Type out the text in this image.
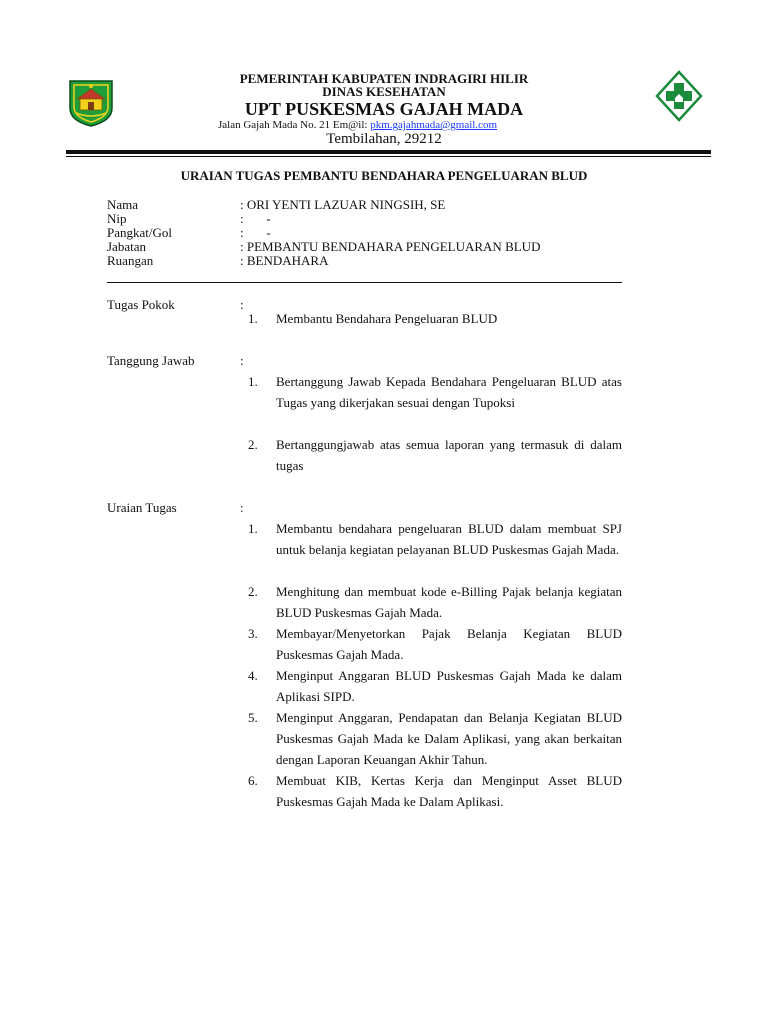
PEMERINTAH KABUPATEN INDRAGIRI HILIR
DINAS KESEHATAN
UPT PUSKESMAS GAJAH MADA
Jalan Gajah Mada No. 21 Em@il: pkm.gajahmada@gmail.com
Tembilahan, 29212
URAIAN TUGAS PEMBANTU BENDAHARA PENGELUARAN BLUD
Nama	: ORI YENTI LAZUAR NINGSIH, SE
Nip	:       -
Pangkat/Gol	:       -
Jabatan	: PEMBANTU BENDAHARA PENGELUARAN BLUD
Ruangan	: BENDAHARA
Tugas Pokok	:
1. Membantu Bendahara Pengeluaran BLUD
Tanggung Jawab	:
1. Bertanggung Jawab Kepada Bendahara Pengeluaran BLUD atas Tugas yang dikerjakan sesuai dengan Tupoksi
2. Bertanggungjawab atas semua laporan yang termasuk di dalam tugas
Uraian Tugas	:
1. Membantu bendahara pengeluaran BLUD dalam membuat SPJ untuk belanja kegiatan pelayanan BLUD Puskesmas Gajah Mada.
2. Menghitung dan membuat kode e-Billing Pajak belanja kegiatan BLUD Puskesmas Gajah Mada.
3. Membayar/Menyetorkan Pajak Belanja Kegiatan BLUD Puskesmas Gajah Mada.
4. Menginput Anggaran BLUD Puskesmas Gajah Mada ke dalam Aplikasi SIPD.
5. Menginput Anggaran, Pendapatan dan Belanja Kegiatan BLUD Puskesmas Gajah Mada ke Dalam Aplikasi, yang akan berkaitan dengan Laporan Keuangan Akhir Tahun.
6. Membuat KIB, Kertas Kerja dan Menginput Asset BLUD Puskesmas Gajah Mada ke Dalam Aplikasi.
